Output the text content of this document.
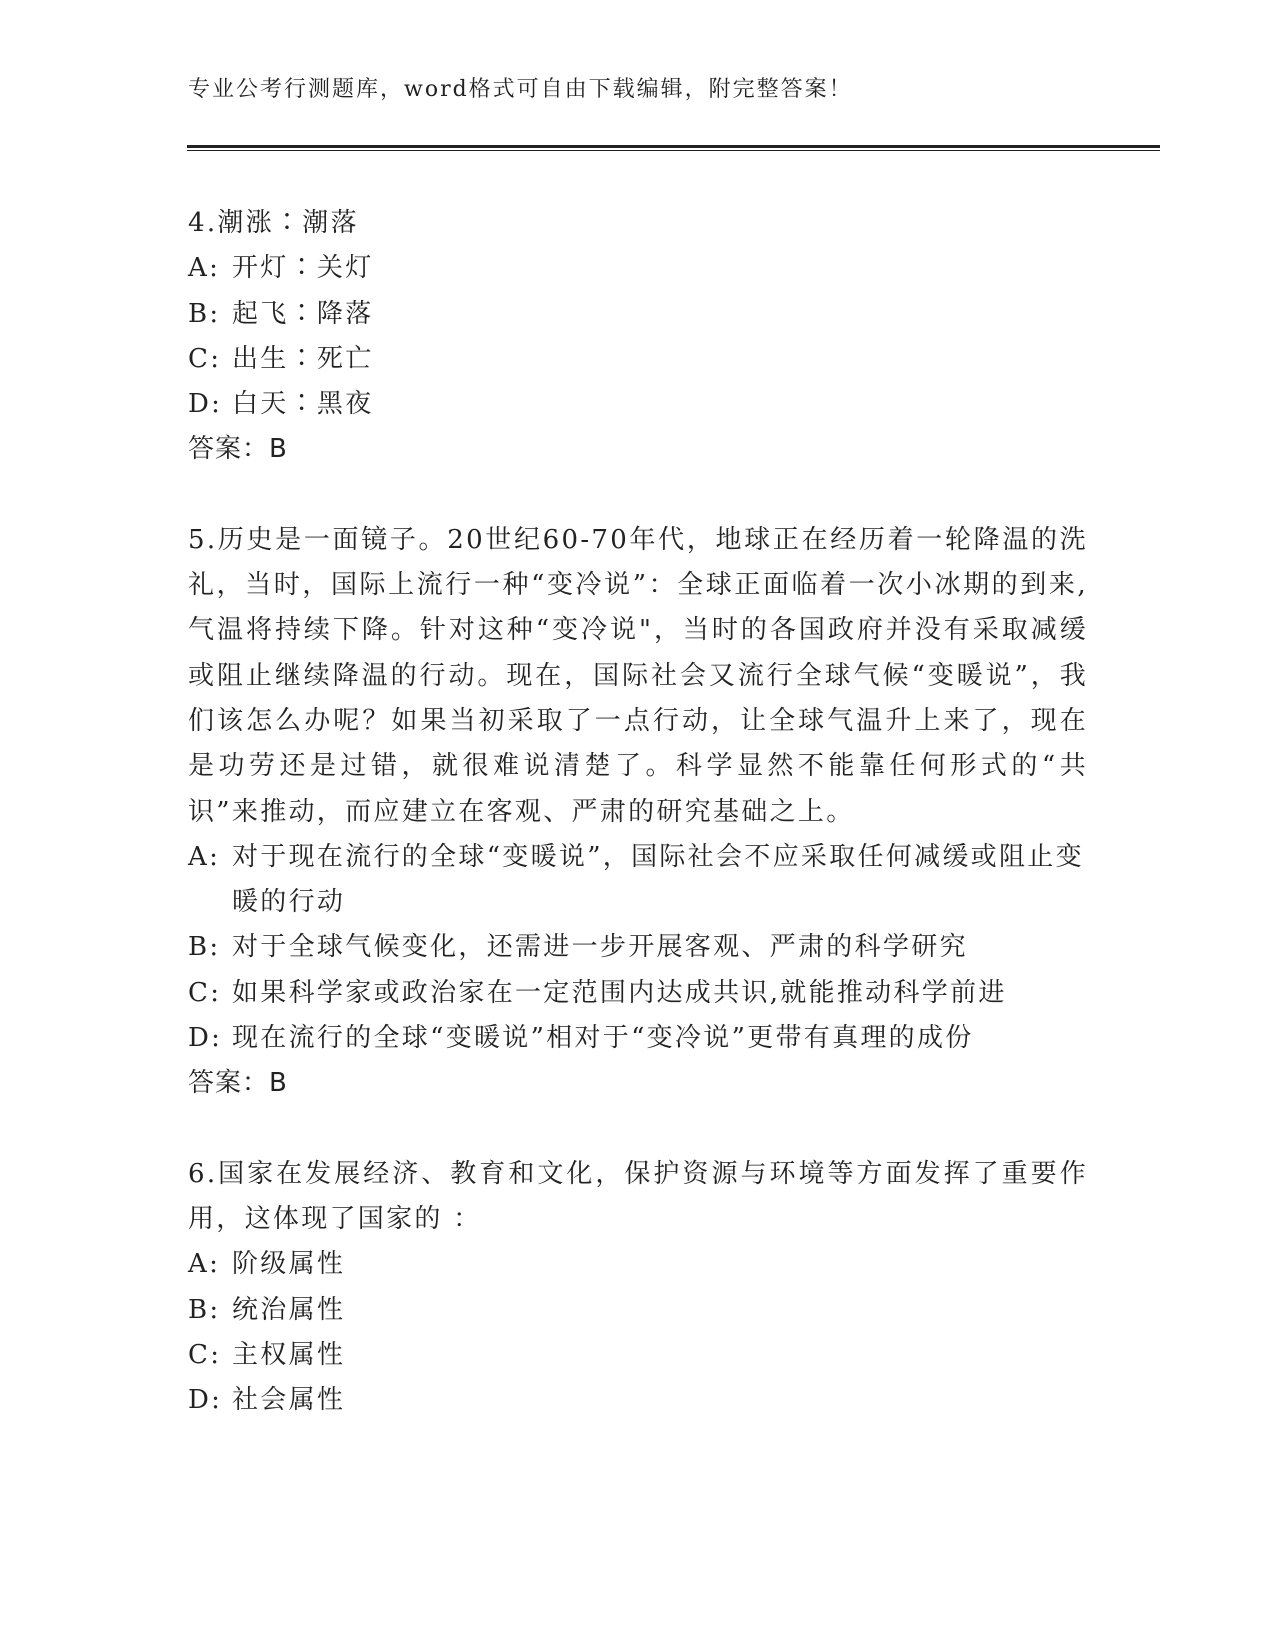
专业公考行测题库，word格式可自由下载编辑，附完整答案！

4.潮涨∶潮落

A: 开灯∶关灯
B: 起飞∶降落
C: 出生∶死亡
D: 白天∶黑夜

答案：B

5.历史是一面镜子。20世纪60-70年代，地球正在经历着一轮降温的洗礼，当时，国际上流行一种“变冷说”：全球正面临着一次小冰期的到来,气温将持续下降。针对这种“变冷说"，当时的各国政府并没有采取减缓或阻止继续降温的行动。现在，国际社会又流行全球气候“变暖说”，我们该怎么办呢？如果当初采取了一点行动，让全球气温升上来了，现在是功劳还是过错，就很难说清楚了。科学显然不能靠任何形式的“共识”来推动，而应建立在客观、严肃的研究基础之上。

A: 对于现在流行的全球“变暖说”，国际社会不应采取任何减缓或阻止变暖的行动
B: 对于全球气候变化，还需进一步开展客观、严肃的科学研究
C: 如果科学家或政治家在一定范围内达成共识,就能推动科学前进
D: 现在流行的全球“变暖说”相对于“变冷说”更带有真理的成份

答案：B

6.国家在发展经济、教育和文化，保护资源与环境等方面发挥了重要作用，这体现了国家的 ：

A: 阶级属性
B: 统治属性
C: 主权属性
D: 社会属性
